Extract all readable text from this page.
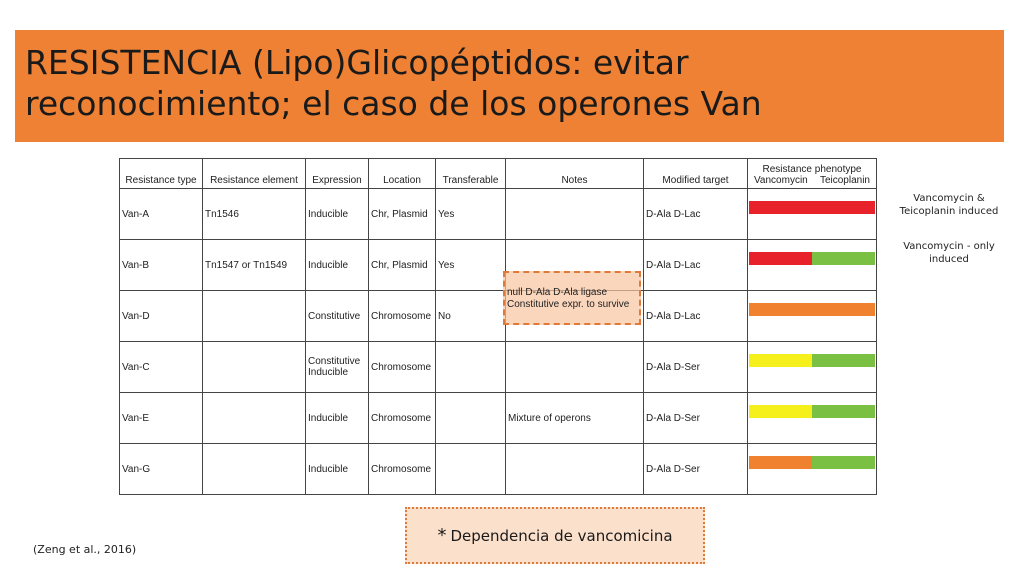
RESISTENCIA (Lipo)Glicopéptidos: evitar
reconocimiento; el caso de los operones Van
Resistance type	Resistance element	Expression	Location	Transferable	Notes	Modified target	Resistance phenotype
Vancomycin Teicoplanin

Van-A	Tn1546	Inducible	Chr, Plasmid	Yes		D-Ala D-Lac	

Van-B	Tn1547 or Tn1549	Inducible	Chr, Plasmid	Yes		D-Ala D-Lac	

Van-D		Constitutive	Chromosome	No		D-Ala D-Lac	

Van-C		Constitutive
Inducible	Chromosome			D-Ala D-Ser	

Van-E		Inducible	Chromosome		Mixture of operons	D-Ala D-Ser	

Van-G		Inducible	Chromosome			D-Ala D-Ser	
null D-Ala D-Ala ligase
Constitutive expr. to survive
Vancomycin &
Teicoplanin induced
Vancomycin - only
induced
* Dependencia de vancomicina
(Zeng et al., 2016)
